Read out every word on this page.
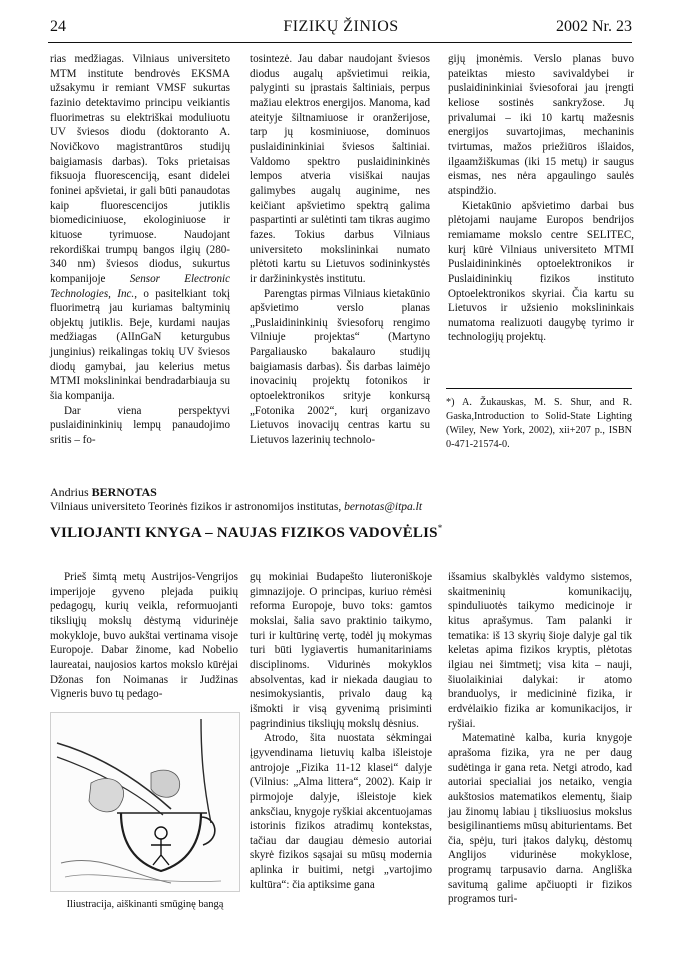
24	FIZIKŲ ŽINIOS	2002 Nr. 23

rias medžiagas. Vilniaus universiteto MTM institute bendrovės EKSMA užsakymu ir remiant VMSF sukurtas fazinio detektavimo principu veikiantis fluorimetras su elektriškai moduliuotu UV šviesos diodu (doktoranto A. Novičkovo magistrantūros studijų baigiamasis darbas). Toks prietaisas fiksuoja fluorescenciją, esant didelei foninei apšvietai, ir gali būti panaudotas kaip fluorescencijos jutiklis biomediciniuose, ekologiniuose ir kituose tyrimuose. Naudojant rekordiškai trumpų bangos ilgių (280-340 nm) šviesos diodus, sukurtus kompanijoje Sensor Electronic Technologies, Inc., o pasitelkiant tokį fluorimetrą jau kuriamas baltyminių objektų jutiklis. Beje, kurdami naujas medžiagas (AlInGaN keturgubus junginius) reikalingas tokių UV šviesos diodų gamybai, jau kelerius metus MTMI mokslininkai bendradarbiauja su šia kompanija.

Dar viena perspektyvi puslaidininkinių lempų panaudojimo sritis – fo-

tosintezė. Jau dabar naudojant šviesos diodus augalų apšvietimui reikia, palyginti su įprastais šaltiniais, perpus mažiau elektros energijos. Manoma, kad ateityje šiltnamiuose ir oranžerijose, tarp jų kosminiuose, dominuos puslaidininkiniai šviesos šaltiniai. Valdomo spektro puslaidininkinės lempos atveria visiškai naujas galimybes augalų auginime, nes keičiant apšvietimo spektrą galima paspartinti ar sulėtinti tam tikras augimo fazes. Tokius darbus Vilniaus universiteto mokslininkai numato plėtoti kartu su Lietuvos sodininkystės ir daržininkystės institutu.

Parengtas pirmas Vilniaus kietakūnio apšvietimo verslo planas „Puslaidininkinių šviesoforų rengimo Vilniuje projektas“ (Martyno Pargaliausko bakalauro studijų baigiamasis darbas). Šis darbas laimėjo inovacinių projektų fotonikos ir optoelektronikos srityje konkursą „Fotonika 2002“, kurį organizavo Lietuvos inovacijų centras kartu su Lietuvos lazerinių technolo-

gijų įmonėmis. Verslo planas buvo pateiktas miesto savivaldybei ir puslaidininkiniai šviesoforai jau įrengti keliose sostinės sankryžose. Jų privalumai – iki 10 kartų mažesnis energijos suvartojimas, mechaninis tvirtumas, mažos priežiūros išlaidos, ilgaamžiškumas (iki 15 metų) ir saugus eismas, nes nėra apgaulingo saulės atspindžio.

Kietakūnio apšvietimo darbai bus plėtojami naujame Europos bendrijos remiamame mokslo centre SELITEC, kurį kūrė Vilniaus universiteto MTMI Puslaidininkinės optoelektronikos ir Puslaidininkių fizikos instituto Optoelektronikos skyriai. Čia kartu su Lietuvos ir užsienio mokslininkais numatoma realizuoti daugybę tyrimo ir technologijų projektų.

*) A. Žukauskas, M. S. Shur, and R. Gaska,Introduction to Solid-State Lighting (Wiley, New York, 2002), xii+207 p., ISBN 0-471-21574-0.
Andrius BERNOTAS
Vilniaus universiteto Teorinės fizikos ir astronomijos institutas, bernotas@itpa.lt
VILIOJANTI KNYGA – NAUJAS FIZIKOS VADOVĖLIS*

Prieš šimtą metų Austrijos-Vengrijos imperijoje gyveno plejada puikių pedagogų, kurių veikla, reformuojanti tiksliųjų mokslų dėstymą vidurinėje mokykloje, buvo aukštai vertinama visoje Europoje. Dabar žinome, kad Nobelio laureatai, naujosios kartos mokslo kūrėjai Džonas fon Noimanas ir Judžinas Vigneris buvo tų pedago-

Iliustracija, aiškinanti smūginę bangą

gų mokiniai Budapešto liuteroniškoje gimnazijoje. O principas, kuriuo rėmėsi reforma Europoje, buvo toks: gamtos mokslai, šalia savo praktinio taikymo, turi ir kultūrinę vertę, todėl jų mokymas turi būti lygiavertis humanitariniams disciplinoms. Vidurinės mokyklos absolventas, kad ir niekada daugiau to nesimokysiantis, privalo daug ką išmokti ir visą gyvenimą prisiminti pagrindinius tiksliųjų mokslų dėsnius.

Atrodo, šita nuostata sėkmingai įgyvendinama lietuvių kalba išleistoje antrojoje „Fizika 11-12 klasei“ dalyje (Vilnius: „Alma littera“, 2002). Kaip ir pirmojoje dalyje, išleistoje kiek anksčiau, knygoje ryškiai akcentuojamas istorinis fizikos atradimų kontekstas, tačiau dar daugiau dėmesio autoriai skyrė fizikos sąsajai su mūsų modernia aplinka ir buitimi, netgi „vartojimo kultūra“: čia aptiksime gana

išsamius skalbyklės valdymo sistemos, skaitmeninių komunikacijų, spinduliuotės taikymo medicinoje ir kitus aprašymus. Tam palanki ir tematika: iš 13 skyrių šioje dalyje gal tik keletas apima fizikos kryptis, plėtotas ilgiau nei šimtmetį; visa kita – nauji, šiuolaikiniai dalykai: ir atomo branduolys, ir medicininė fizika, ir erdvėlaikio fizika ar komunikacijos, ir ryšiai.

Matematinė kalba, kuria knygoje aprašoma fizika, yra ne per daug sudėtinga ir gana reta. Netgi atrodo, kad autoriai specialiai jos netaiko, vengia aukštosios matematikos elementų, šiaip jau žinomų labiau į tiksliuosius mokslus besigilinantiems mūsų abiturientams. Bet čia, spėju, turi įtakos dalykų, dėstomų Anglijos vidurinėse mokyklose, programų tarpusavio darna. Angliška savitumą galime apčiuopti ir fizikos programos turi-
